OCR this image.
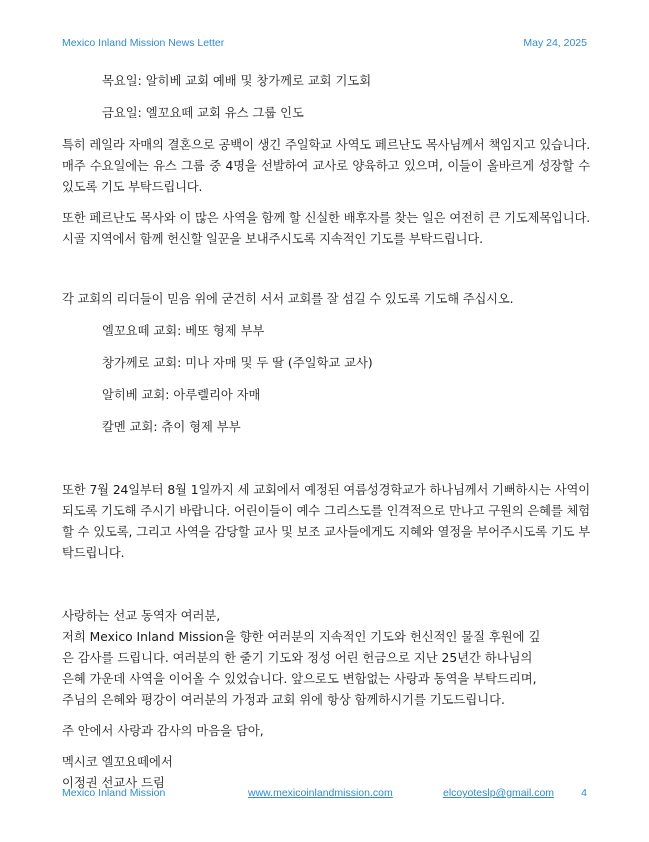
Mexico Inland Mission News Letter	May 24, 2025

목요일: 알히베 교회 예배 및 창가께로 교회 기도회

금요일: 엘꼬요떼 교회 유스 그룹 인도

특히 레일라 자매의 결혼으로 공백이 생긴 주일학교 사역도 페르난도 목사님께서 책임지고 있습니다. 매주 수요일에는 유스 그룹 중 4명을 선발하여 교사로 양육하고 있으며, 이들이 올바르게 성장할 수 있도록 기도 부탁드립니다.

또한 페르난도 목사와 이 많은 사역을 함께 할 신실한 배후자를 찾는 일은 여전히 큰 기도제목입니다. 시골 지역에서 함께 헌신할 일꾼을 보내주시도록 지속적인 기도를 부탁드립니다.

각 교회의 리더들이 믿음 위에 굳건히 서서 교회를 잘 섬길 수 있도록 기도해 주십시오.

엘꼬요떼 교회: 베또 형제 부부

창가께로 교회: 미나 자매 및 두 딸 (주일학교 교사)

알히베 교회: 아루렐리아 자매

칼멘 교회: 츄이 형제 부부

또한 7월 24일부터 8월 1일까지 세 교회에서 예정된 여름성경학교가 하나님께서 기뻐하시는 사역이 되도록 기도해 주시기 바랍니다. 어린이들이 예수 그리스도를 인격적으로 만나고 구원의 은혜를 체험할 수 있도록, 그리고 사역을 감당할 교사 및 보조 교사들에게도 지혜와 열정을 부어주시도록 기도 부탁드립니다.

사랑하는 선교 동역자 여러분,

저희 Mexico Inland Mission을 향한 여러분의 지속적인 기도와 헌신적인 물질 후원에 깊

은 감사를 드립니다. 여러분의 한 줄기 기도와 정성 어린 헌금으로 지난 25년간 하나님의

은혜 가운데 사역을 이어올 수 있었습니다. 앞으로도 변함없는 사랑과 동역을 부탁드리며,

주님의 은혜와 평강이 여러분의 가정과 교회 위에 항상 함께하시기를 기도드립니다.

주 안에서 사랑과 감사의 마음을 담아,

멕시코 엘꼬요떼에서

이정권 선교사 드림

Mexico Inland Mission	www.mexicoinlandmission.com	elcoyoteslp@gmail.com	4
